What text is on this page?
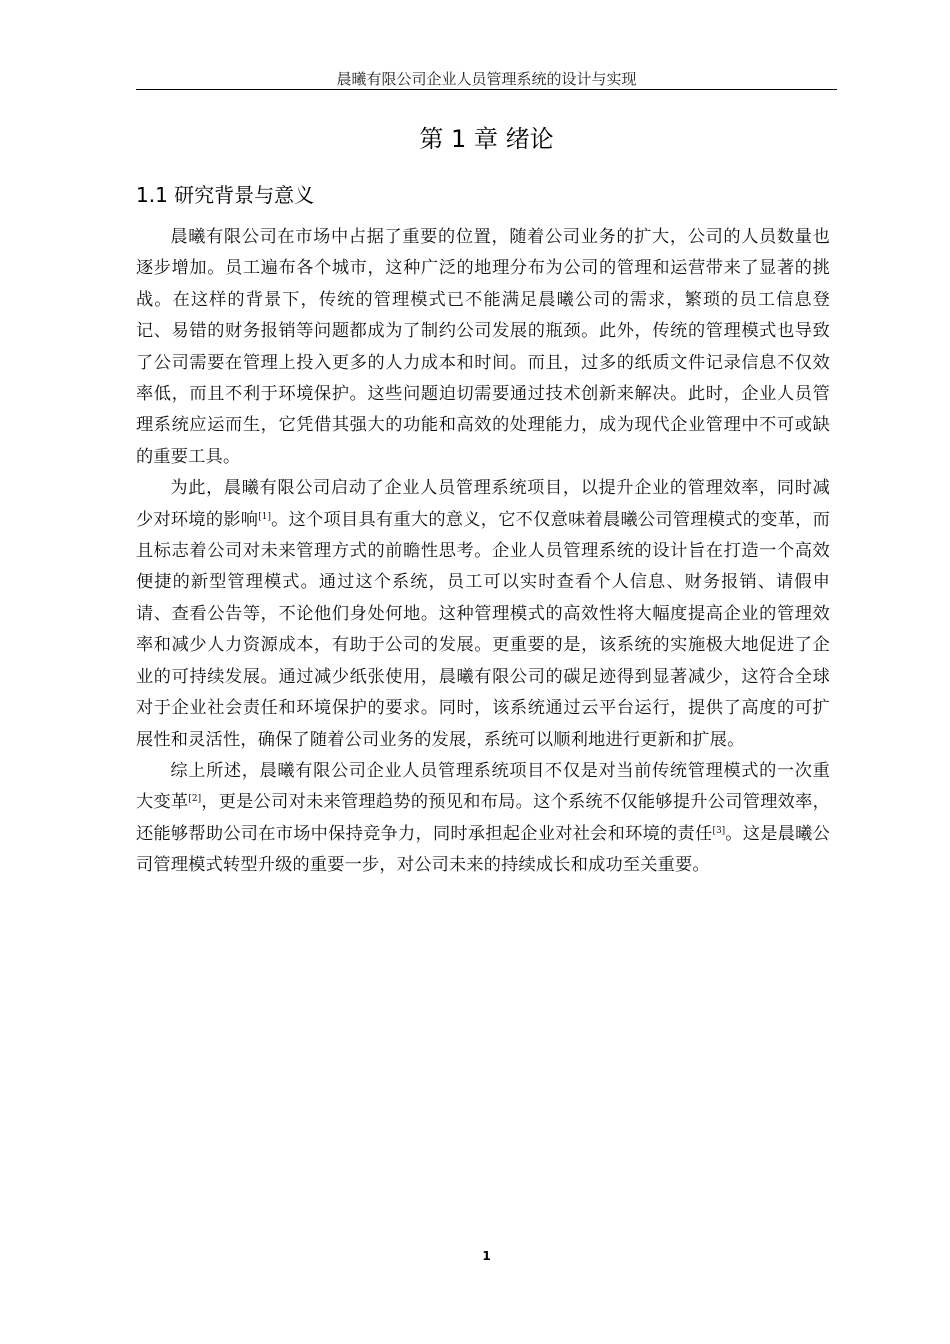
晨曦有限公司企业人员管理系统的设计与实现
第 1 章 绪论
1.1 研究背景与意义

晨曦有限公司在市场中占据了重要的位置，随着公司业务的扩大，公司的人员数量也逐步增加。员工遍布各个城市，这种广泛的地理分布为公司的管理和运营带来了显著的挑战。在这样的背景下，传统的管理模式已不能满足晨曦公司的需求，繁琐的员工信息登记、易错的财务报销等问题都成为了制约公司发展的瓶颈。此外，传统的管理模式也导致了公司需要在管理上投入更多的人力成本和时间。而且，过多的纸质文件记录信息不仅效率低，而且不利于环境保护。这些问题迫切需要通过技术创新来解决。此时，企业人员管理系统应运而生，它凭借其强大的功能和高效的处理能力，成为现代企业管理中不可或缺的重要工具。

为此，晨曦有限公司启动了企业人员管理系统项目，以提升企业的管理效率，同时减少对环境的影响[1]。这个项目具有重大的意义，它不仅意味着晨曦公司管理模式的变革，而且标志着公司对未来管理方式的前瞻性思考。企业人员管理系统的设计旨在打造一个高效便捷的新型管理模式。通过这个系统，员工可以实时查看个人信息、财务报销、请假申请、查看公告等，不论他们身处何地。这种管理模式的高效性将大幅度提高企业的管理效率和减少人力资源成本，有助于公司的发展。更重要的是，该系统的实施极大地促进了企业的可持续发展。通过减少纸张使用，晨曦有限公司的碳足迹得到显著减少，这符合全球对于企业社会责任和环境保护的要求。同时，该系统通过云平台运行，提供了高度的可扩展性和灵活性，确保了随着公司业务的发展，系统可以顺利地进行更新和扩展。

综上所述，晨曦有限公司企业人员管理系统项目不仅是对当前传统管理模式的一次重大变革[2]，更是公司对未来管理趋势的预见和布局。这个系统不仅能够提升公司管理效率，还能够帮助公司在市场中保持竞争力，同时承担起企业对社会和环境的责任[3]。这是晨曦公司管理模式转型升级的重要一步，对公司未来的持续成长和成功至关重要。

1
